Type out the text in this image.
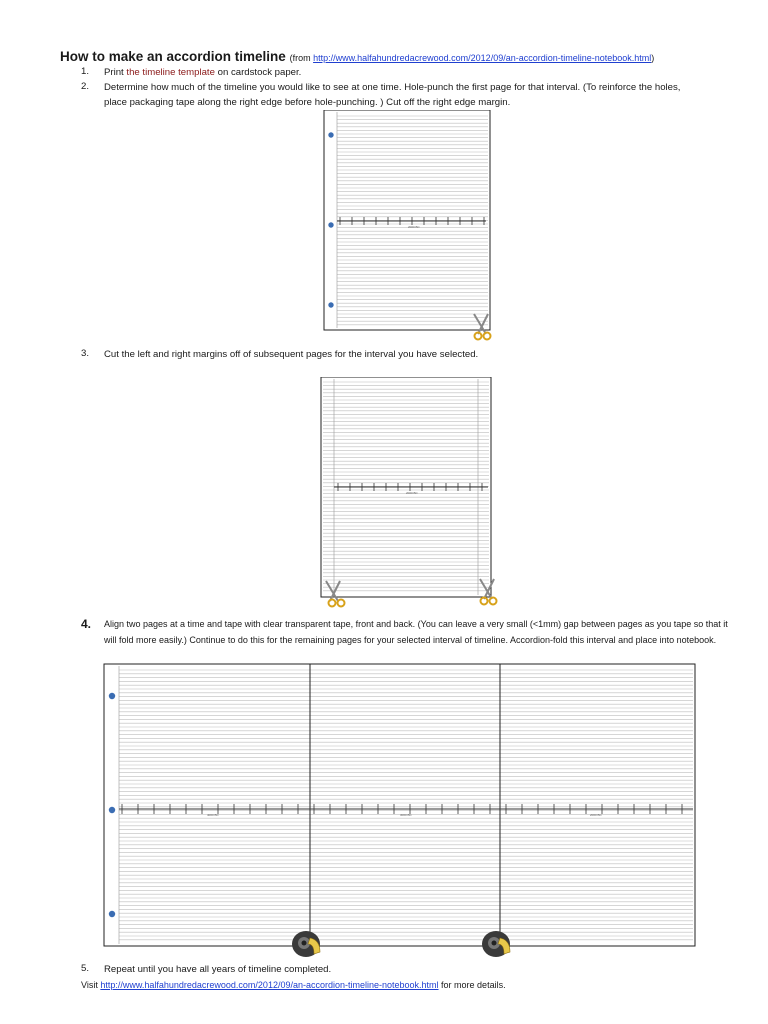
How to make an accordion timeline (from http://www.halfahundredacrewood.com/2012/09/an-accordion-timeline-notebook.html)
1. Print the timeline template on cardstock paper.
2. Determine how much of the timeline you would like to see at one time. Hole-punch the first page for that interval. (To reinforce the holes, place packaging tape along the right edge before hole-punching. ) Cut off the right edge margin.
2000 BC
3. Cut the left and right margins off of subsequent pages for the interval you have selected.
2000 BC
4. Align two pages at a time and tape with clear transparent tape, front and back. (You can leave a very small (<1mm) gap between pages as you tape so that it will fold more easily.) Continue to do this for the remaining pages for your selected interval of timeline. Accordion-fold this interval and place into notebook.
4000 BC	3000 BC	2000 BC
5. Repeat until you have all years of timeline completed.
Visit http://www.halfahundredacrewood.com/2012/09/an-accordion-timeline-notebook.html for more details.
